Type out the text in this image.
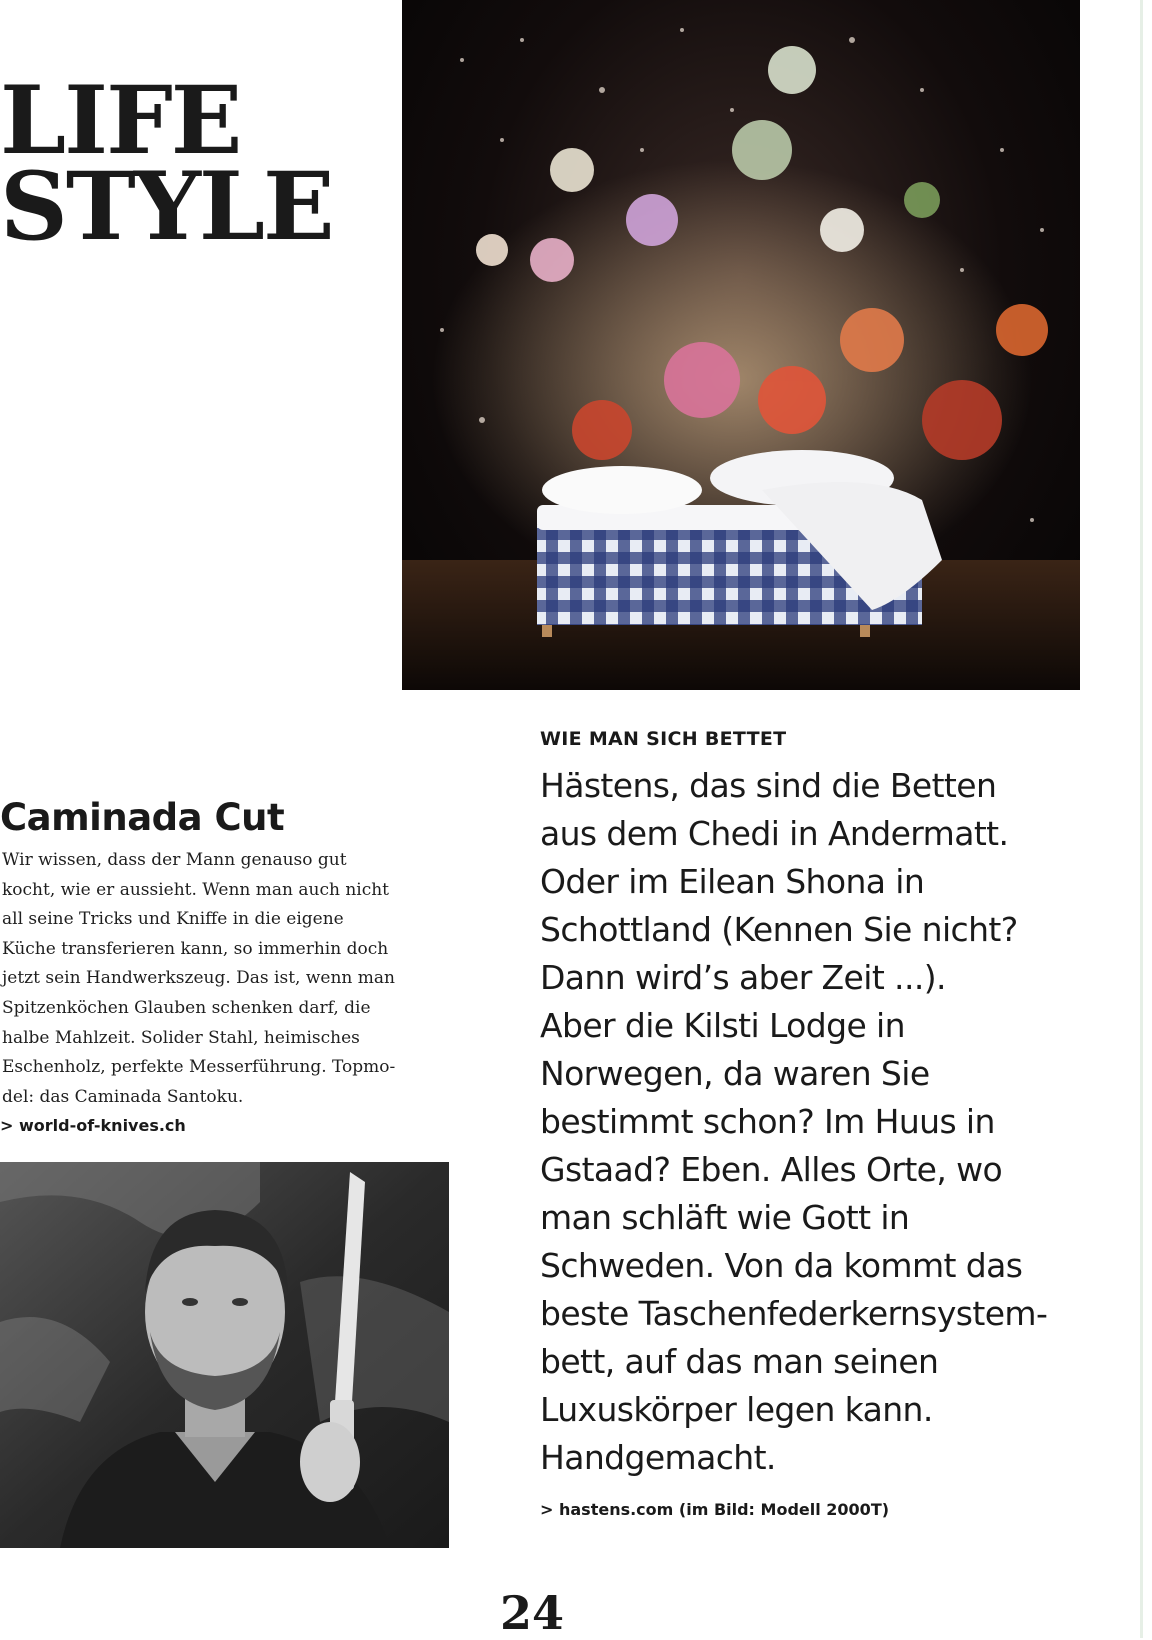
LIFE
STYLE

WIE MAN SICH BETTET

Hästens, das sind die Betten
aus dem Chedi in Andermatt.
Oder im Eilean Shona in
Schottland (Kennen Sie nicht?
Dann wird’s aber Zeit ...).
Aber die Kilsti Lodge in
Norwegen, da waren Sie
bestimmt schon? Im Huus in
Gstaad? Eben. Alles Orte, wo
man schläft wie Gott in
Schweden. Von da kommt das
beste Taschenfederkernsystem-
bett, auf das man seinen
Luxuskörper legen kann.
Handgemacht.

> hastens.com (im Bild: Modell 2000T)

Caminada Cut

Wir wissen, dass der Mann genauso gut
kocht, wie er aussieht. Wenn man auch nicht
all seine Tricks und Kniffe in die eigene
Küche transferieren kann, so immerhin doch
jetzt sein Handwerkszeug. Das ist, wenn man
Spitzenköchen Glauben schenken darf, die
halbe Mahlzeit. Solider Stahl, heimisches
Eschenholz, perfekte Messerführung. Topmo-
del: das Caminada Santoku.

> world-of-knives.ch

24
